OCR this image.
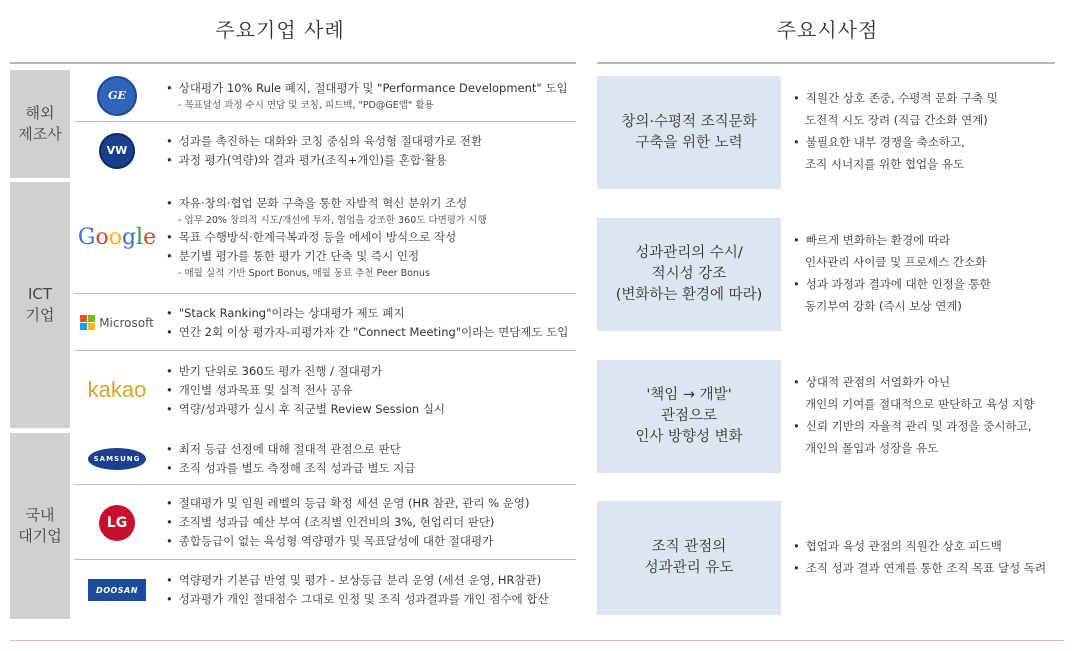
주요기업 사례	주요시사점
해외
제조사
GE
• 상대평가 10% Rule 폐지, 절대평가 및 "Performance Development" 도입
- 목표달성 과정 수시 면담 및 코칭, 피드백, "PD@GE앱" 활용
VW
• 성과를 촉진하는 대화와 코칭 중심의 육성형 절대평가로 전환
• 과정 평가(역량)와 결과 평가(조직+개인)를 혼합·활용
ICT
기업
Google
• 자유·창의·협업 문화 구축을 통한 자발적 혁신 분위기 조성
- 업무 20% 창의적 시도/개선에 투자, 협업을 강조한 360도 다면평가 시행
• 목표 수행방식·한계극복과정 등을 에세이 방식으로 작성
• 분기별 평가를 통한 평가 기간 단축 및 즉시 인정
- 매월 실적 기반 Sport Bonus, 매월 동료 추천 Peer Bonus
Microsoft
• "Stack Ranking"이라는 상대평가 제도 폐지
• 연간 2회 이상 평가자-피평가자 간 "Connect Meeting"이라는 면담제도 도입
kakao
• 반기 단위로 360도 평가 진행 / 절대평가
• 개인별 성과목표 및 실적 전사 공유
• 역량/성과평가 실시 후 직군별 Review Session 실시
국내
대기업
SAMSUNG
• 최저 등급 선정에 대해 절대적 관점으로 판단
• 조직 성과를 별도 측정해 조직 성과급 별도 지급
LG
• 절대평가 및 임원 레벨의 등급 확정 세션 운영 (HR 참관, 관리 % 운영)
• 조직별 성과급 예산 부여 (조직별 인건비의 3%, 현업리더 판단)
• 종합등급이 없는 육성형 역량평가 및 목표달성에 대한 절대평가
DOOSAN
• 역량평가 기본급 반영 및 평가 - 보상등급 분리 운영 (세션 운영, HR참관)
• 성과평가 개인 절대점수 그대로 인정 및 조직 성과결과를 개인 점수에 합산
창의·수평적 조직문화
구축을 위한 노력
• 직원간 상호 존중, 수평적 문화 구축 및
도전적 시도 장려 (직급 간소화 연계)
• 불필요한 내부 경쟁을 축소하고,
조직 시너지를 위한 협업을 유도
성과관리의 수시/
적시성 강조
(변화하는 환경에 따라)
• 빠르게 변화하는 환경에 따라
인사관리 사이클 및 프로세스 간소화
• 성과 과정과 결과에 대한 인정을 통한
동기부여 강화 (즉시 보상 연계)
'책임 → 개발'
관점으로
인사 방향성 변화
• 상대적 관점의 서열화가 아닌
개인의 기여를 절대적으로 판단하고 육성 지향
• 신뢰 기반의 자율적 관리 및 과정을 중시하고,
개인의 몰입과 성장을 유도
조직 관점의
성과관리 유도
• 협업과 육성 관점의 직원간 상호 피드백
• 조직 성과 결과 연계를 통한 조직 목표 달성 독려
